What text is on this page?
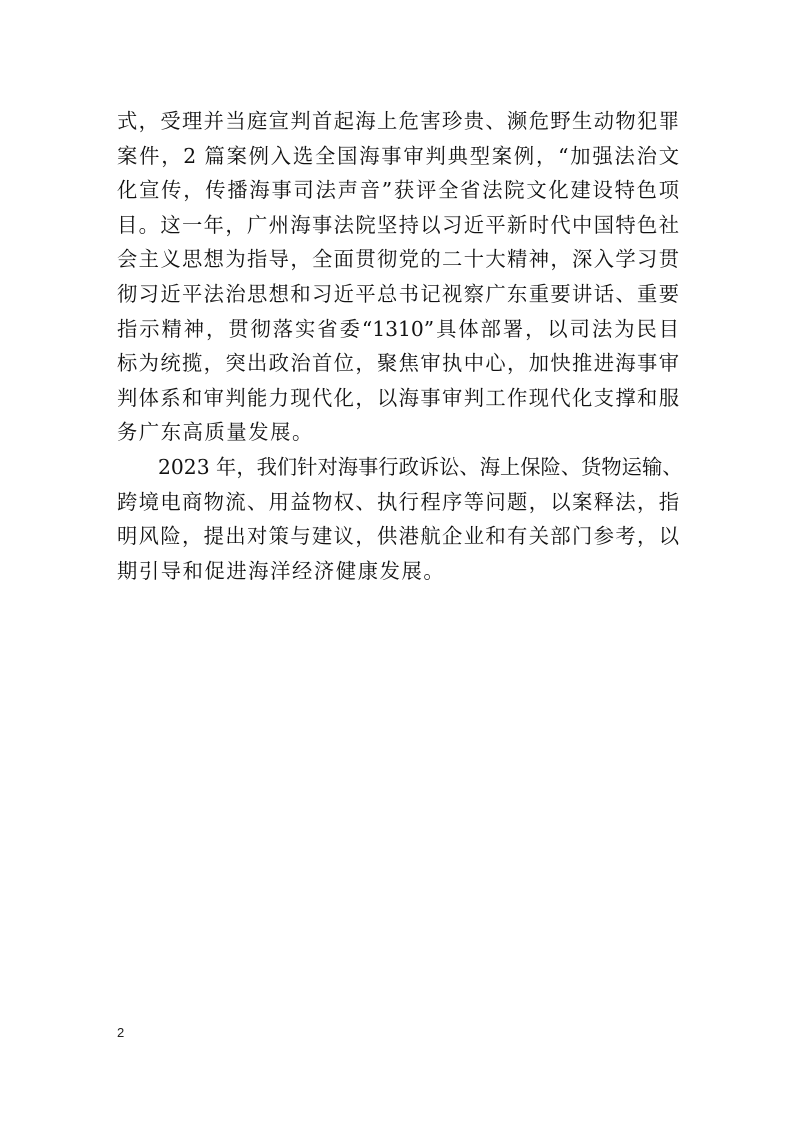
式，受理并当庭宣判首起海上危害珍贵、濒危野生动物犯罪
案件，2 篇案例入选全国海事审判典型案例，“加强法治文
化宣传，传播海事司法声音”获评全省法院文化建设特色项
目。这一年，广州海事法院坚持以习近平新时代中国特色社
会主义思想为指导，全面贯彻党的二十大精神，深入学习贯
彻习近平法治思想和习近平总书记视察广东重要讲话、重要
指示精神，贯彻落实省委“1310”具体部署，以司法为民目
标为统揽，突出政治首位，聚焦审执中心，加快推进海事审
判体系和审判能力现代化，以海事审判工作现代化支撑和服
务广东高质量发展。
2023 年，我们针对海事行政诉讼、海上保险、货物运输、
跨境电商物流、用益物权、执行程序等问题，以案释法，指
明风险，提出对策与建议，供港航企业和有关部门参考，以
期引导和促进海洋经济健康发展。
2
